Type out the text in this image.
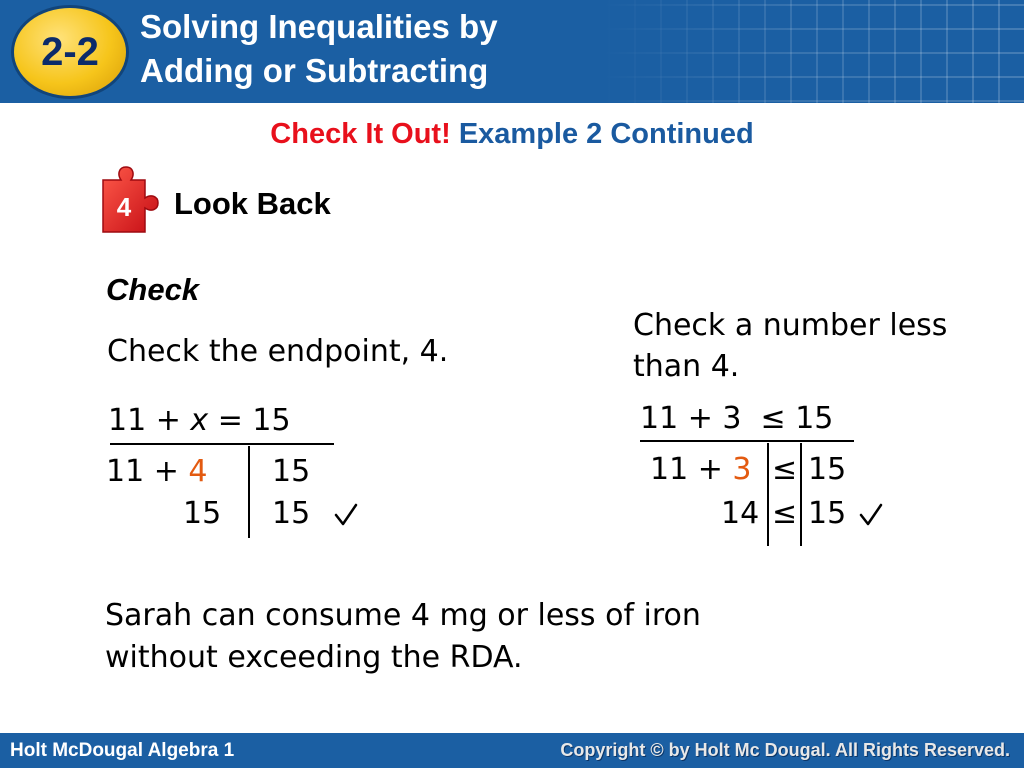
2-2
Solving Inequalities by
Adding or Subtracting
Check It Out! Example 2 Continued
4 Look Back
Check
Check the endpoint, 4.
11 + x = 15
11 + 4 15
15 15
Check a number less
than 4.
11 + 3  ≤ 15
11 + 3 ≤ 15
14 ≤ 15
Sarah can consume 4 mg or less of iron
without exceeding the RDA.
Holt McDougal Algebra 1	Copyright © by Holt Mc Dougal. All Rights Reserved.
